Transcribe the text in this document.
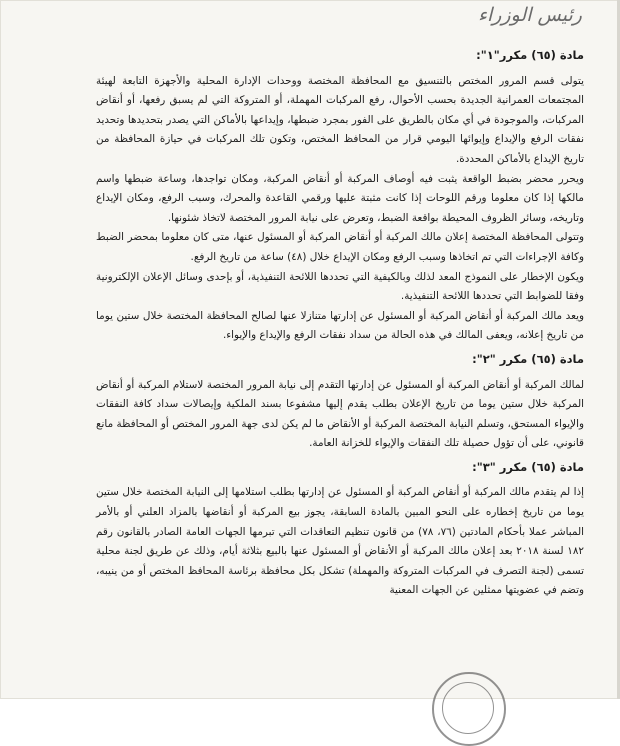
رئيس الوزراء
مادة (٦٥) مكرر"١":

يتولى قسم المرور المختص بالتنسيق مع المحافظة المختصة ووحدات الإدارة المحلية والأجهزة التابعة لهيئة المجتمعات العمرانية الجديدة بحسب الأحوال، رفع المركبات المهملة، أو المتروكة التي لم يسبق رفعها، أو أنقاض المركبات، والموجودة في أي مكان بالطريق على الفور بمجرد ضبطها، وإيداعها بالأماكن التي يصدر بتحديدها وتحديد نفقات الرفع والإيداع وإيوائها اليومي قرار من المحافظ المختص، وتكون تلك المركبات في حيازة المحافظة من تاريخ الإيداع بالأماكن المحددة.

ويحرر محضر بضبط الواقعة يثبت فيه أوصاف المركبة أو أنقاض المركبة، ومكان تواجدها، وساعة ضبطها واسم مالكها إذا كان معلوما ورقم اللوحات إذا كانت مثبتة عليها ورقمي القاعدة والمحرك، وسبب الرفع، ومكان الإيداع وتاريخه، وسائر الظروف المحيطة بواقعة الضبط، وتعرض على نيابة المرور المختصة لاتخاذ شئونها.

وتتولى المحافظة المختصة إعلان مالك المركبة أو أنقاض المركبة أو المسئول عنها، متى كان معلوما بمحضر الضبط وكافة الإجراءات التي تم اتخاذها وسبب الرفع ومكان الإيداع خلال (٤٨) ساعة من تاريخ الرفع.

ويكون الإخطار على النموذج المعد لذلك وبالكيفية التي تحددها اللائحة التنفيذية، أو بإحدى وسائل الإعلان الإلكترونية وفقا للضوابط التي تحددها اللائحة التنفيذية.

ويعد مالك المركبة أو أنقاض المركبة أو المسئول عن إدارتها متنازلا عنها لصالح المحافظة المختصة خلال ستين يوما من تاريخ إعلانه، ويعفى المالك في هذه الحالة من سداد نفقات الرفع والإيداع والإيواء.

مادة (٦٥) مكرر "٢":

لمالك المركبة أو أنقاض المركبة أو المسئول عن إدارتها التقدم إلى نيابة المرور المختصة لاستلام المركبة أو أنقاض المركبة خلال ستين يوما من تاريخ الإعلان بطلب يقدم إليها مشفوعا بسند الملكية وإيصالات سداد كافة النفقات والإيواء المستحق، وتسلم النيابة المختصة المركبة أو الأنقاض ما لم يكن لدى جهة المرور المختص أو المحافظة مانع قانوني، على أن تؤول حصيلة تلك النفقات والإيواء للخزانة العامة.

مادة (٦٥) مكرر "٣":

إذا لم يتقدم مالك المركبة أو أنقاض المركبة أو المسئول عن إدارتها بطلب استلامها إلى النيابة المختصة خلال ستين يوما من تاريخ إخطاره على النحو المبين بالمادة السابقة، يجوز بيع المركبة أو أنقاضها بالمزاد العلني أو بالأمر المباشر عملا بأحكام المادتين (٧٦، ٧٨) من قانون تنظيم التعاقدات التي تبرمها الجهات العامة الصادر بالقانون رقم ١٨٢ لسنة ٢٠١٨ بعد إعلان مالك المركبة أو الأنقاض أو المسئول عنها بالبيع بثلاثة أيام، وذلك عن طريق لجنة محلية تسمى (لجنة التصرف في المركبات المتروكة والمهملة) تشكل بكل محافظة برئاسة المحافظ المختص أو من ينيبه، وتضم في عضويتها ممثلين عن الجهات المعنية
